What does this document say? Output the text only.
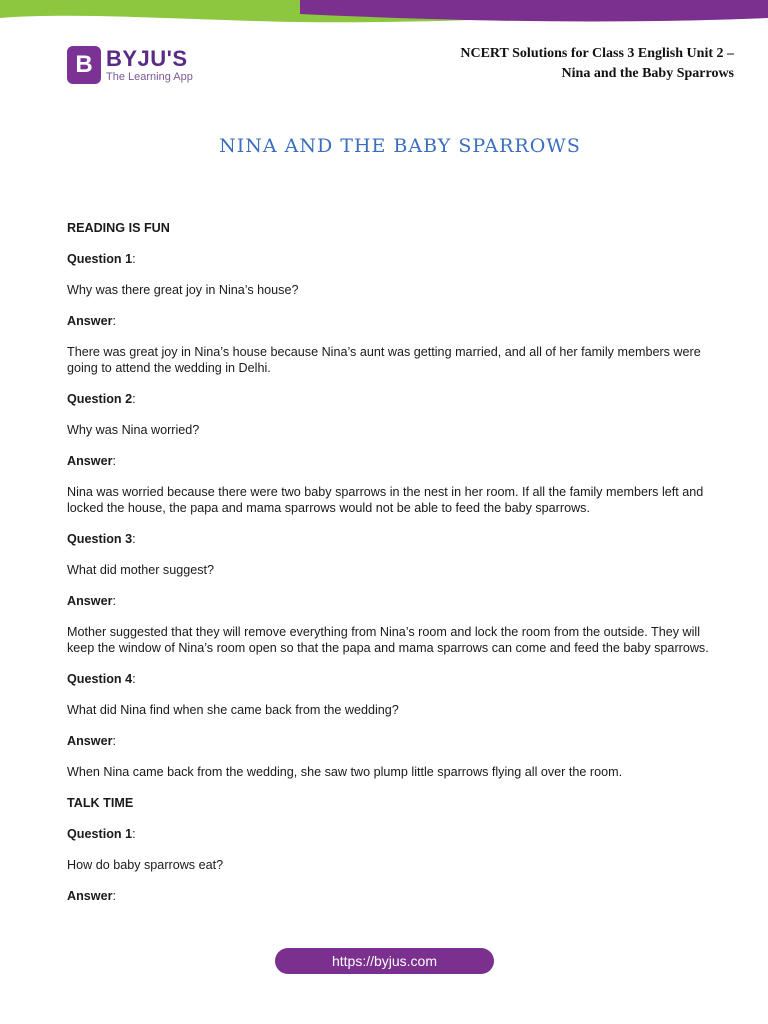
B BYJU'S
The Learning App
NCERT Solutions for Class 3 English Unit 2 –
Nina and the Baby Sparrows
NINA AND THE BABY SPARROWS

READING IS FUN

Question 1:

Why was there great joy in Nina’s house?

Answer:

There was great joy in Nina’s house because Nina’s aunt was getting married, and all of her family members were going to attend the wedding in Delhi.

Question 2:

Why was Nina worried?

Answer:

Nina was worried because there were two baby sparrows in the nest in her room. If all the family members left and locked the house, the papa and mama sparrows would not be able to feed the baby sparrows.

Question 3:

What did mother suggest?

Answer:

Mother suggested that they will remove everything from Nina’s room and lock the room from the outside. They will keep the window of Nina’s room open so that the papa and mama sparrows can come and feed the baby sparrows.

Question 4:

What did Nina find when she came back from the wedding?

Answer:

When Nina came back from the wedding, she saw two plump little sparrows flying all over the room.

TALK TIME

Question 1:

How do baby sparrows eat?

Answer:

https://byjus.com
